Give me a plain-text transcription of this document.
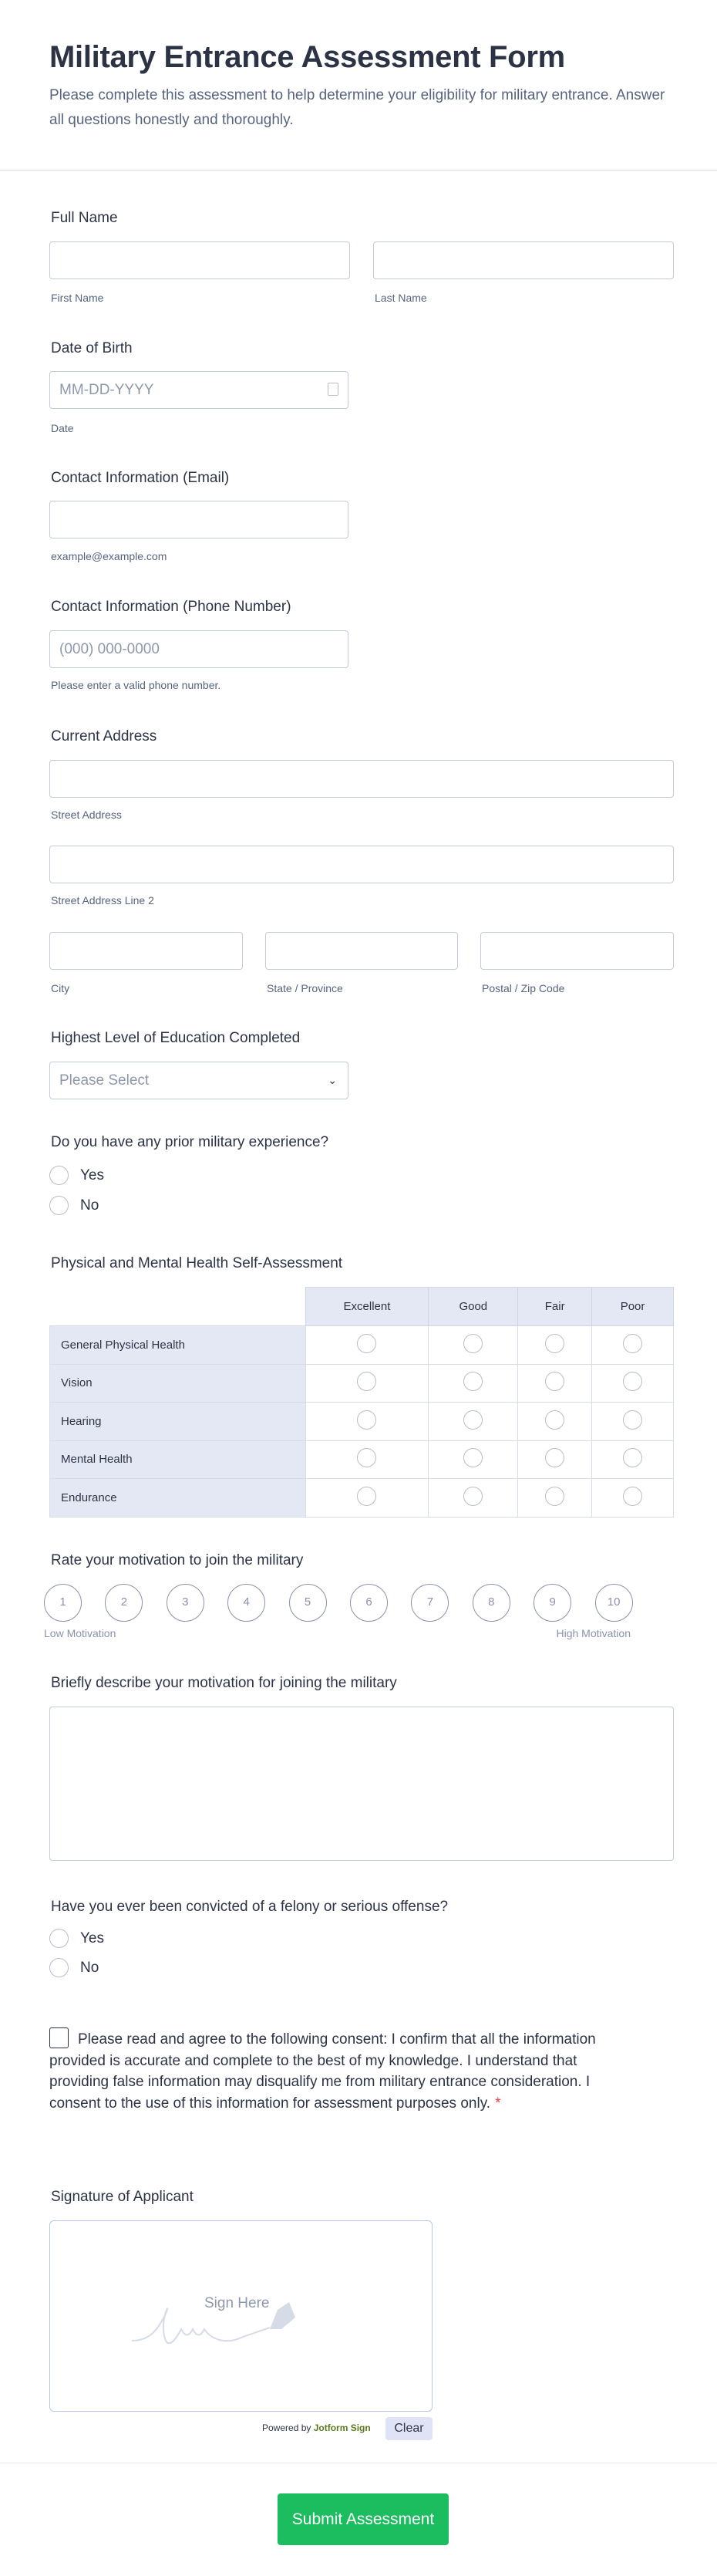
Military Entrance Assessment Form

Please complete this assessment to help determine your eligibility for military entrance. Answer all questions honestly and thoroughly.

Full Name
First Name	Last Name
Date of Birth
MM-DD-YYYY
Date
Contact Information (Email)
example@example.com
Contact Information (Phone Number)
(000) 000-0000
Please enter a valid phone number.
Current Address
Street Address
Street Address Line 2
City	State / Province	Postal / Zip Code
Highest Level of Education Completed
Please Select	⌄
Do you have any prior military experience?
Yes
No
Physical and Mental Health Self-Assessment
	Excellent	Good	Fair	Poor
General Physical Health				
Vision				
Hearing				
Mental Health				
Endurance				
Rate your motivation to join the military
1	2	3	4	5	6	7	8	9	10
Low Motivation	High Motivation
Briefly describe your motivation for joining the military
Have you ever been convicted of a felony or serious offense?
Yes
No
Please read and agree to the following consent: I confirm that all the information provided is accurate and complete to the best of my knowledge. I understand that providing false information may disqualify me from military entrance consideration. I consent to the use of this information for assessment purposes only. *
Signature of Applicant
Sign Here
Powered by Jotform Sign	Clear
Submit Assessment
